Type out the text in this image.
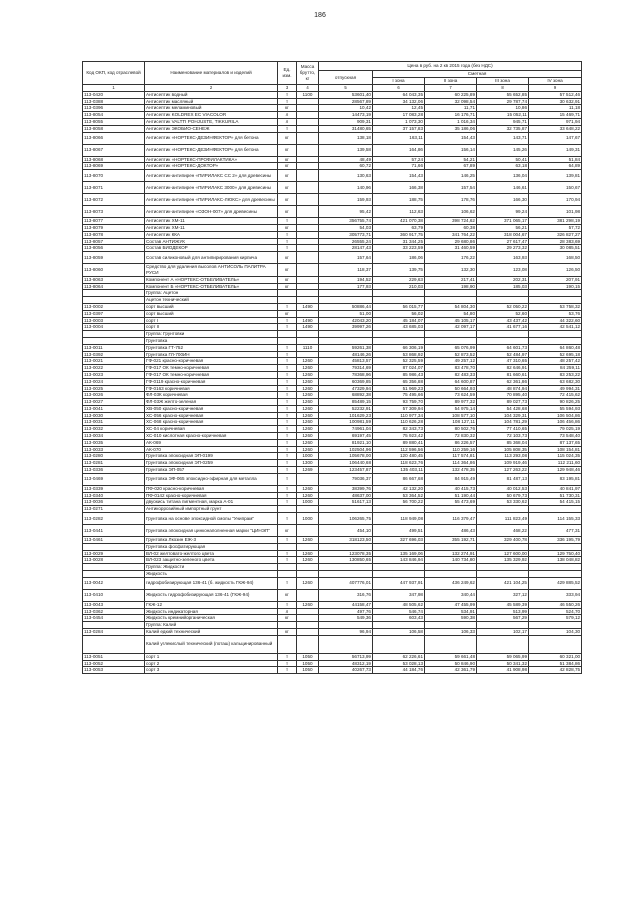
186
Код ОКП, код отраслевой	Наименование материалов и изделий	Ед. изм.	Масса брутто, кг	Цена в руб. на 2 кв 2015 года (без НДС)				
				отпускная	Сметная			
					I зона	II зона	III зона	IV зона
1	2	3	4	5	6	7	8	9
113-0420	Антисептик водный	т	1100	53601,40	64 043,35	60 225,89	55 652,85	57 512,46
113-0388	Антисептик масляный	т		28567,89	34 132,06	32 098,54	29 787,74	30 632,91
113-0396	Антисептик меламиновый	кг		10,42	12,45	11,71	10,86	11,18
113-8054	Антисептик KOLDREX EC VIACOLOR	л		14473,19	17 083,28	16 176,71	15 052,11	15 469,71
113-8055	Антисептик VALTTI POHJUSTE, TIKKURILA	л		909,31	1 073,30	1 016,34	945,71	971,94
113-8058	Антисептик ЭКОБИО-СЕНЕЖ	т		31480,65	37 157,83	35 186,06	32 735,87	33 648,22
113-8066	Антисептик «НОРТЕКС-ДЕЗИНФЕКТОР» для бетона	кг		138,18	163,11	154,43	143,71	147,67
113-8067	Антисептик «НОРТЕКС-ДЕЗИНФЕКТОР» для бетона	кг		139,58	164,86	156,14	145,26	149,31
113-8068	Антисептик «НОРТЕКС-ПРОФИЛАКТИКА»	кг		48,49	57,24	54,21	50,41	51,84
113-8069	Антисептик «НОРТЕКС-ДОКТОР»	кг		60,72	71,66	67,89	63,18	64,89
113-8070	Антисептик-антипирен «ПИРИЛАКС СС 2» для древесины	кг		130,63	154,43	146,25	136,04	139,81
113-8071	Антисептик-антипирен «ПИРИЛАКС 3000» для древесины	кг		140,96	166,38	157,54	146,61	150,67
113-8072	Антисептик-антипирен «ПИРИЛАКС-ЛЮКС» для древесины	кг		159,93	188,75	178,76	166,30	170,94
113-8073	Антисептик-антипирен «ОЗОН-007» для древесины	кг		95,42	112,63	106,62	99,24	101,98
113-8077	Антисептик ХМ-11	т		356755,74	421 070,38	398 724,62	371 065,17	381 298,19
113-8079	Антисептик ХМ-11	кг		54,03	63,79	60,38	56,21	57,72
113-8078	Антисептик ККА	т		305773,71	360 917,75	341 764,22	318 004,67	326 827,27
113-8057	Состав АНТИЖУК	т		26555,24	31 344,25	29 680,86	27 617,47	28 383,69
113-8056	Состав БИОДЕКОР	т		28147,43	33 223,59	31 460,59	29 273,32	30 085,51
113-8059	Состав силиконовый для антипирирования кирпича	кг		157,64	186,06	176,22	163,93	168,50
113-8060	Средство для удаления высолов АНТИСОЛЬ ПАЛИТРА РУСИ	кг		118,37	139,75	132,30	123,08	126,50
113-8063	Компонент А «НОРТЕКС-ОТБЕЛИВАТЕЛЬ»	кг		194,52	229,63	217,41	202,31	207,91
113-8064	Компонент Б «НОРТЕКС-ОТБЕЛИВАТЕЛЬ»	кг		177,93	210,03	198,90	185,03	190,15
	Группа: Ацетон							
	Ацетон технический							
113-0002	сорт высший	т	1490	50886,44	56 015,77	54 804,30	52 050,22	53 758,32
113-0397	сорт высший	кг		51,00	56,02	54,80	52,60	53,76
113-0003	сорт I	т	1490	42043,20	45 184,07	45 105,17	43 437,42	44 322,60
113-0004	сорт II	т	1490	39997,26	43 685,03	42 097,17	41 677,16	42 541,12
	Группа: Грунтовки							
	Грунтовка							
113-0011	Грунтовка ГТ-752	т	1110	59261,38	66 306,19	65 076,99	64 601,73	64 860,48
113-0392	Грунтовка ГЛ-700ИН	т		48146,26	53 868,92	52 873,52	52 484,97	52 695,18
113-0021	ГФ-021 красно-коричневая	т	1260	45813,57	52 325,59	49 257,12	47 310,65	48 257,42
113-0022	ГФ-017 ОК темно-коричневая	т	1260	79314,69	87 024,07	83 478,70	82 646,91	84 259,11
113-0023	ГФ-017 ОК темно-коричневая	т	1260	78368,96	85 986,43	82 483,33	81 660,61	83 253,22
113-0024	ГФ-0119 красно-коричневая	т	1260	60369,85	65 356,88	64 600,87	62 361,86	63 682,30
113-0025	ГФ-0163 коричневая	т	1260	47329,94	51 969,23	50 664,93	48 874,94	49 994,31
113-0026	ФЛ-03К коричневая	т	1260	68892,38	75 495,66	73 624,59	70 895,40	72 415,62
113-0027	ФЛ-03Ж желто-зеленая	т	1260	85489,15	93 759,70	89 977,32	89 027,73	90 826,25
113-0041	ХВ-050 красно-коричневая	т	1260	52232,91	57 309,94	54 975,14	54 428,68	55 594,93
113-0030	ХС-056 красно-коричневая	т	1260	101629,23	110 977,34	108 577,10	104 329,31	106 504,86
113-0031	ХС-068 красно-коричневая	т	1260	100981,59	110 626,28	108 127,11	104 781,29	106 456,86
113-0032	ХС-04 коричневая	т	1260	74961,04	82 343,73	80 502,76	77 410,65	79 025,19
113-0034	ХС-010 кислотная красно-коричневая	т	1260	69197,45	75 923,42	72 830,32	72 103,73	73 548,40
113-0035	АК-069	т	1260	81921,10	89 880,41	86 226,57	85 368,04	87 137,65
113-0033	АК-070	т	1260	102504,96	112 596,56	110 259,16	105 808,35	108 154,81
113-0280	Грунтовка эпоксидная ЭП-0199	т	1000	105678,00	120 480,45	117 574,81	113 293,08	115 024,35
113-0281	Грунтовка эпоксидная ЭП-0259	т	1300	106440,68	118 623,76	114 364,86	109 919,46	112 211,60
113-0336	Грунтовка ЭП-057	т	1269	123457,87	135 403,11	132 478,35	127 263,22	129 948,46
113-0469	Грунтовка ЭФ-065 эпоксидно-эфирная для металла	т		79036,37	86 667,68	84 915,49	81 487,13	83 195,81
113-0339	ПФ-020 красно-коричневая	т	1260	38399,76	42 132,20	40 415,73	40 012,53	40 841,97
113-0340	ПФ-0142 красно-коричневая	т	1260	48637,00	53 364,52	51 190,44	50 679,73	51 730,31
113-0036	двуокись титана пигментная, марка А-01	т	1000	51617,13	56 700,22	55 473,69	53 330,62	54 415,15
113-0271	Антикоррозийный импортный грунт							
113-0282	Грунтовка на основе эпоксидной смолы "Унипрам"	т	1000	106265,75	118 949,08	116 379,47	111 823,49	114 155,33
113-0441	Грунтовка эпоксидная цинконаполненная марки "ЦИНЭП"	кг		454,10	499,51	486,43	468,22	477,31
113-0461	Грунтовка Лкозин ЕЖ-3	т	1260	318123,50	327 696,03	355 192,71	329 400,78	336 195,79
	Грунтовка фосфатирующая							
113-0029	ВЛ-02 желтовато-желтого цвета	т	1260	123078,35	135 169,06	132 274,91	127 600,00	129 750,40
113-0028	ВЛ-023 защитно-зеленого цвета	т	1260	130850,65	143 846,94	140 734,80	135 329,92	138 048,82
	Группа: Жидкости							
	Жидкость							
113-0042	гидрофобизирующая 136-41 (б. жидкость ГКЖ-94)	т	1260	407776,01	447 937,91	436 249,62	421 104,25	429 885,52
113-0410	Жидкость гидрофобизирующая 136-41 (ГКЖ-94)	кг		316,76	347,98	340,44	327,12	333,94
113-0043	ГКЖ-12	т	1260	44158,47	48 505,62	47 455,99	45 589,39	46 550,26
113-0362	Жидкость индикаторная	л		497,76	546,74	534,91	513,99	524,70
113-0454	Жидкость кремнийорганическая	кг		549,36	603,43	590,38	567,29	579,12
	Группа: Калий							
113-0284	Калий едкий технический	кг		96,94	106,58	106,33	102,17	104,30
	Калий углекислый технический (поташ) кальцинированный							
113-0051	сорт 1	т	1050	56713,99	62 226,61	59 661,48	59 065,99	60 321,00
113-0052	сорт 2	т	1050	48312,19	53 028,13	50 846,90	50 341,32	51 384,86
113-0053	сорт 3	т	1050	40267,73	44 184,76	42 361,79	41 908,98	42 828,75
